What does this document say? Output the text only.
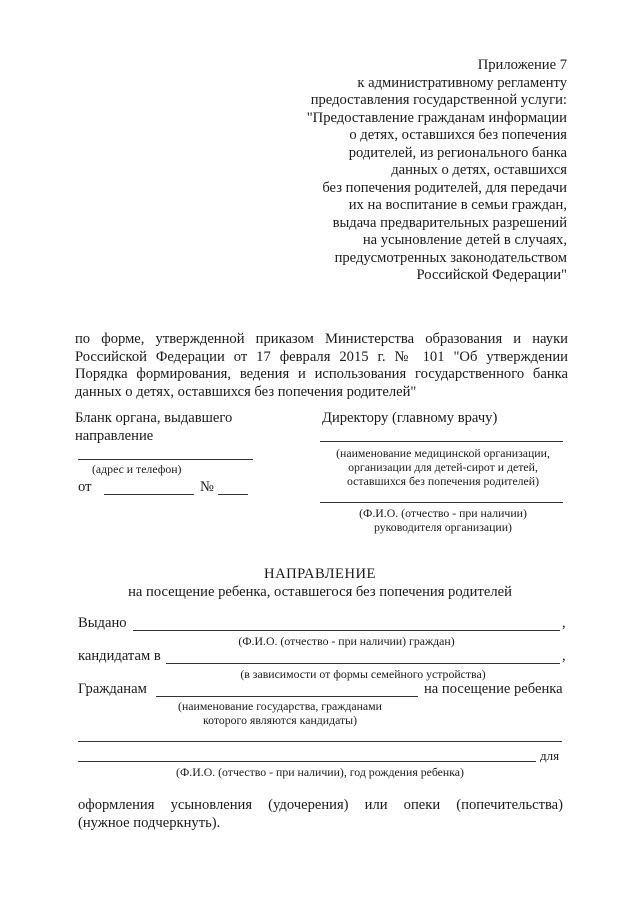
Приложение 7
к административному регламенту
предоставления государственной услуги:
"Предоставление гражданам информации
о детях, оставшихся без попечения
родителей, из регионального банка
данных о детях, оставшихся
без попечения родителей, для передачи
их на воспитание в семьи граждан,
выдача предварительных разрешений
на усыновление детей в случаях,
предусмотренных законодательством
Российской Федерации"
по форме, утвержденной приказом Министерства образования и науки
Российской Федерации от 17 февраля 2015 г. № 101 "Об утверждении
Порядка формирования, ведения и использования государственного банка
данных о детях, оставшихся без попечения родителей"
Бланк органа, выдавшего
направление
(адрес и телефон)
от	№
Директору (главному врачу)
(наименование медицинской организации,
организации для детей-сирот и детей,
оставшихся без попечения родителей)
(Ф.И.О. (отчество - при наличии)
руководителя организации)
НАПРАВЛЕНИЕ
на посещение ребенка, оставшегося без попечения родителей
Выдано	,
(Ф.И.О. (отчество - при наличии) граждан)
кандидатам в	,
(в зависимости от формы семейного устройства)
Гражданам	на посещение ребенка
(наименование государства, гражданами
которого являются кандидаты)
для
(Ф.И.О. (отчество - при наличии), год рождения ребенка)
оформления усыновления (удочерения) или опеки (попечительства)
(нужное подчеркнуть).
